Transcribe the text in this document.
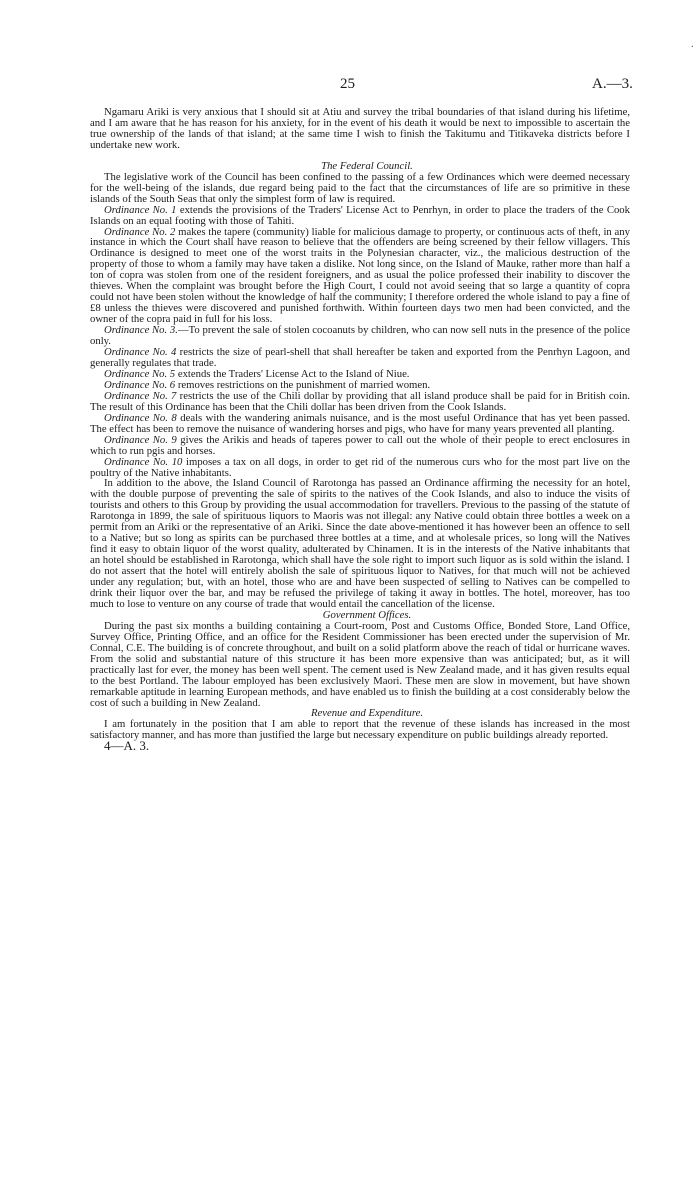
·
25	A.—3.

Ngamaru Ariki is very anxious that I should sit at Atiu and survey the tribal boundaries of that island during his lifetime, and I am aware that he has reason for his anxiety, for in the event of his death it would be next to impossible to ascertain the true ownership of the lands of that island; at the same time I wish to finish the Takitumu and Titikaveka districts before I undertake new work.

The Federal Council.

The legislative work of the Council has been confined to the passing of a few Ordinances which were deemed necessary for the well-being of the islands, due regard being paid to the fact that the circumstances of life are so primitive in these islands of the South Seas that only the simplest form of law is required.

Ordinance No. 1 extends the provisions of the Traders' License Act to Penrhyn, in order to place the traders of the Cook Islands on an equal footing with those of Tahiti.

Ordinance No. 2 makes the tapere (community) liable for malicious damage to property, or continuous acts of theft, in any instance in which the Court shall have reason to believe that the offenders are being screened by their fellow villagers. This Ordinance is designed to meet one of the worst traits in the Polynesian character, viz., the malicious destruction of the property of those to whom a family may have taken a dislike. Not long since, on the Island of Mauke, rather more than half a ton of copra was stolen from one of the resident foreigners, and as usual the police professed their inability to discover the thieves. When the complaint was brought before the High Court, I could not avoid seeing that so large a quantity of copra could not have been stolen without the knowledge of half the community; I therefore ordered the whole island to pay a fine of £8 unless the thieves were discovered and punished forthwith. Within fourteen days two men had been convicted, and the owner of the copra paid in full for his loss.

Ordinance No. 3.—To prevent the sale of stolen cocoanuts by children, who can now sell nuts in the presence of the police only.

Ordinance No. 4 restricts the size of pearl-shell that shall hereafter be taken and exported from the Penrhyn Lagoon, and generally regulates that trade.

Ordinance No. 5 extends the Traders' License Act to the Island of Niue.

Ordinance No. 6 removes restrictions on the punishment of married women.

Ordinance No. 7 restricts the use of the Chili dollar by providing that all island produce shall be paid for in British coin. The result of this Ordinance has been that the Chili dollar has been driven from the Cook Islands.

Ordinance No. 8 deals with the wandering animals nuisance, and is the most useful Ordinance that has yet been passed. The effect has been to remove the nuisance of wandering horses and pigs, who have for many years prevented all planting.

Ordinance No. 9 gives the Arikis and heads of taperes power to call out the whole of their people to erect enclosures in which to run pgis and horses.

Ordinance No. 10 imposes a tax on all dogs, in order to get rid of the numerous curs who for the most part live on the poultry of the Native inhabitants.

In addition to the above, the Island Council of Rarotonga has passed an Ordinance affirming the necessity for an hotel, with the double purpose of preventing the sale of spirits to the natives of the Cook Islands, and also to induce the visits of tourists and others to this Group by providing the usual accommodation for travellers. Previous to the passing of the statute of Rarotonga in 1899, the sale of spirituous liquors to Maoris was not illegal: any Native could obtain three bottles a week on a permit from an Ariki or the representative of an Ariki. Since the date above-mentioned it has however been an offence to sell to a Native; but so long as spirits can be purchased three bottles at a time, and at wholesale prices, so long will the Natives find it easy to obtain liquor of the worst quality, adulterated by Chinamen. It is in the interests of the Native inhabitants that an hotel should be established in Rarotonga, which shall have the sole right to import such liquor as is sold within the island. I do not assert that the hotel will entirely abolish the sale of spirituous liquor to Natives, for that much will not be achieved under any regulation; but, with an hotel, those who are and have been suspected of selling to Natives can be compelled to drink their liquor over the bar, and may be refused the privilege of taking it away in bottles. The hotel, moreover, has too much to lose to venture on any course of trade that would entail the cancellation of the license.

Government Offices.

During the past six months a building containing a Court-room, Post and Customs Office, Bonded Store, Land Office, Survey Office, Printing Office, and an office for the Resident Commissioner has been erected under the supervision of Mr. Connal, C.E. The building is of concrete throughout, and built on a solid platform above the reach of tidal or hurricane waves. From the solid and substantial nature of this structure it has been more expensive than was anticipated; but, as it will practically last for ever, the money has been well spent. The cement used is New Zealand made, and it has given results equal to the best Portland. The labour employed has been exclusively Maori. These men are slow in movement, but have shown remarkable aptitude in learning European methods, and have enabled us to finish the building at a cost considerably below the cost of such a building in New Zealand.

Revenue and Expenditure.

I am fortunately in the position that I am able to report that the revenue of these islands has increased in the most satisfactory manner, and has more than justified the large but necessary expenditure on public buildings already reported.

4—A. 3.
